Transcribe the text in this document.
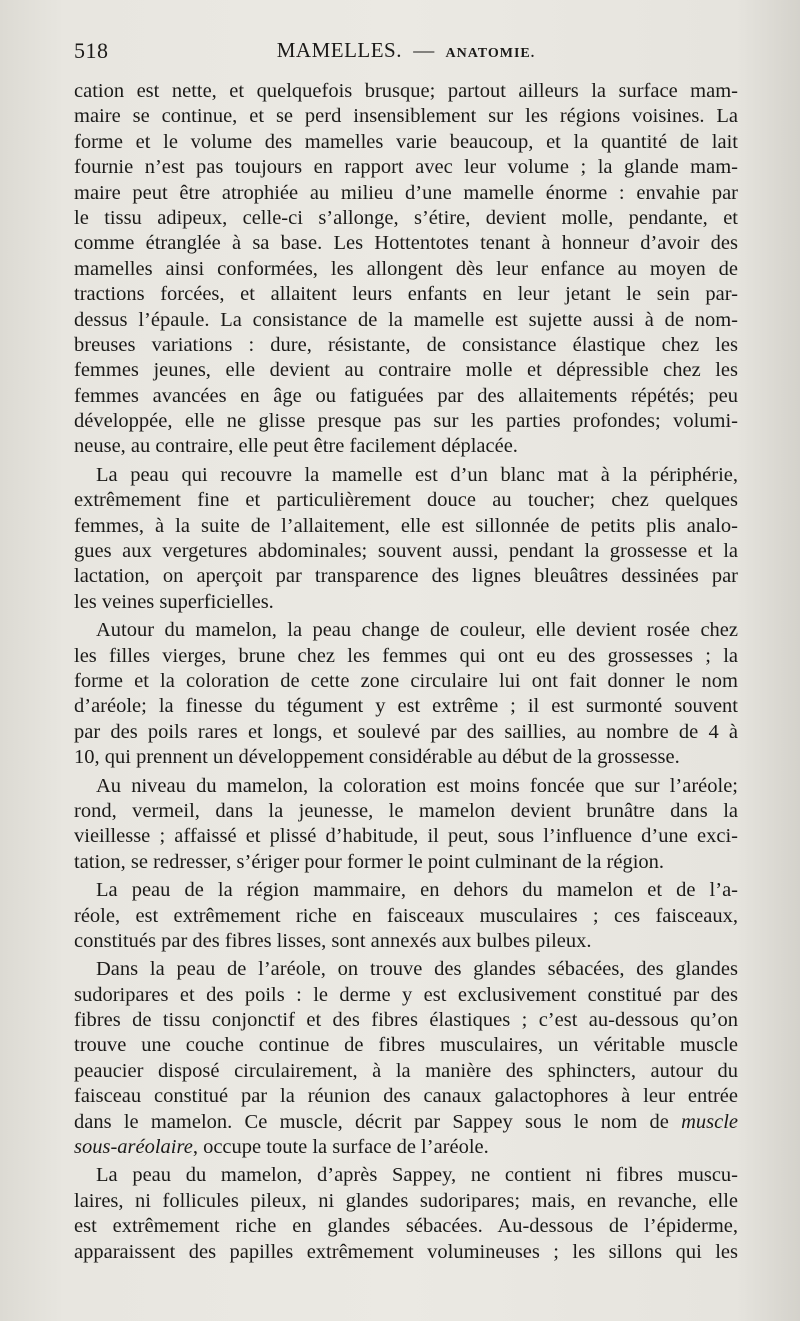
518	MAMELLES. — ANATOMIE.
cation est nette, et quelquefois brusque; partout ailleurs la surface mam-
maire se continue, et se perd insensiblement sur les régions voisines. La
forme et le volume des mamelles varie beaucoup, et la quantité de lait
fournie n’est pas toujours en rapport avec leur volume ; la glande mam-
maire peut être atrophiée au milieu d’une mamelle énorme : envahie par
le tissu adipeux, celle-ci s’allonge, s’étire, devient molle, pendante, et
comme étranglée à sa base. Les Hottentotes tenant à honneur d’avoir des
mamelles ainsi conformées, les allongent dès leur enfance au moyen de
tractions forcées, et allaitent leurs enfants en leur jetant le sein par-
dessus l’épaule. La consistance de la mamelle est sujette aussi à de nom-
breuses variations : dure, résistante, de consistance élastique chez les
femmes jeunes, elle devient au contraire molle et dépressible chez les
femmes avancées en âge ou fatiguées par des allaitements répétés; peu
développée, elle ne glisse presque pas sur les parties profondes; volumi-
neuse, au contraire, elle peut être facilement déplacée.
La peau qui recouvre la mamelle est d’un blanc mat à la périphérie,
extrêmement fine et particulièrement douce au toucher; chez quelques
femmes, à la suite de l’allaitement, elle est sillonnée de petits plis analo-
gues aux vergetures abdominales; souvent aussi, pendant la grossesse et la
lactation, on aperçoit par transparence des lignes bleuâtres dessinées par
les veines superficielles.
Autour du mamelon, la peau change de couleur, elle devient rosée chez
les filles vierges, brune chez les femmes qui ont eu des grossesses ; la
forme et la coloration de cette zone circulaire lui ont fait donner le nom
d’aréole; la finesse du tégument y est extrême ; il est surmonté souvent
par des poils rares et longs, et soulevé par des saillies, au nombre de 4 à
10, qui prennent un développement considérable au début de la grossesse.
Au niveau du mamelon, la coloration est moins foncée que sur l’aréole;
rond, vermeil, dans la jeunesse, le mamelon devient brunâtre dans la
vieillesse ; affaissé et plissé d’habitude, il peut, sous l’influence d’une exci-
tation, se redresser, s’ériger pour former le point culminant de la région.
La peau de la région mammaire, en dehors du mamelon et de l’a-
réole, est extrêmement riche en faisceaux musculaires ; ces faisceaux,
constitués par des fibres lisses, sont annexés aux bulbes pileux.
Dans la peau de l’aréole, on trouve des glandes sébacées, des glandes
sudoripares et des poils : le derme y est exclusivement constitué par des
fibres de tissu conjonctif et des fibres élastiques ; c’est au-dessous qu’on
trouve une couche continue de fibres musculaires, un véritable muscle
peaucier disposé circulairement, à la manière des sphincters, autour du
faisceau constitué par la réunion des canaux galactophores à leur entrée
dans le mamelon. Ce muscle, décrit par Sappey sous le nom de muscle
sous-aréolaire, occupe toute la surface de l’aréole.
La peau du mamelon, d’après Sappey, ne contient ni fibres muscu-
laires, ni follicules pileux, ni glandes sudoripares; mais, en revanche, elle
est extrêmement riche en glandes sébacées. Au-dessous de l’épiderme,
apparaissent des papilles extrêmement volumineuses ; les sillons qui les
